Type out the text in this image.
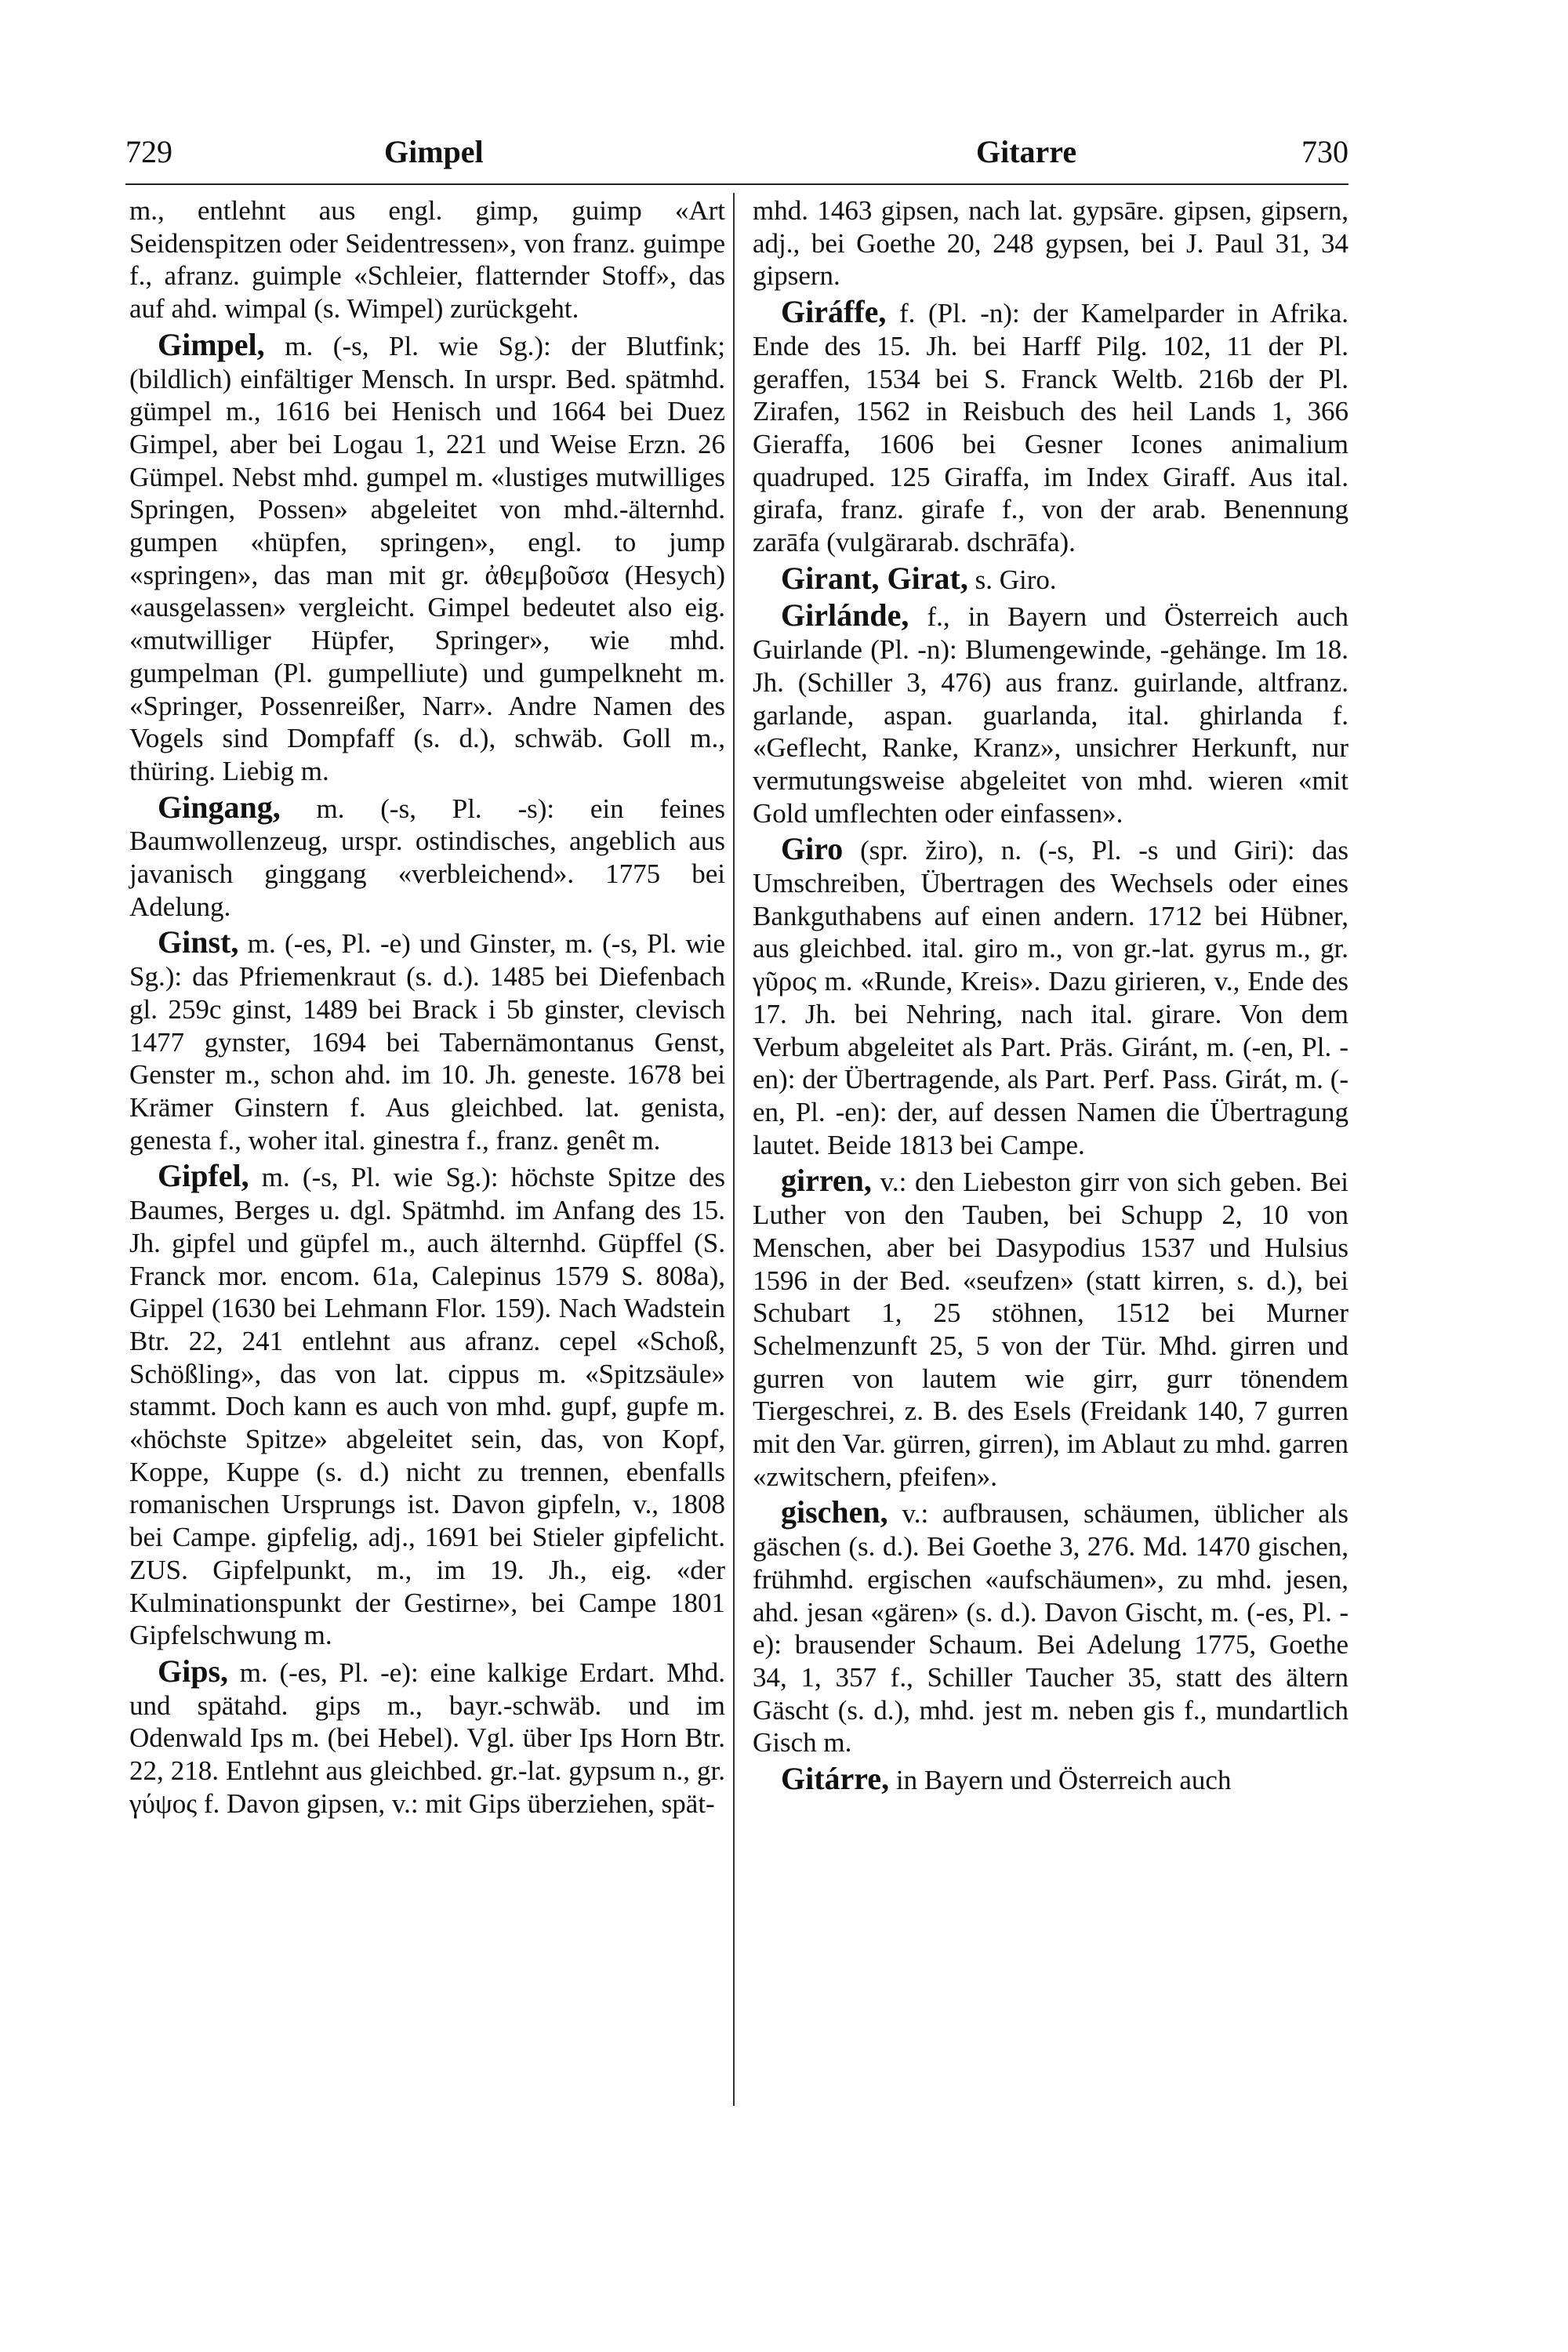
729	Gimpel	Gitarre	730

m., entlehnt aus engl. gimp, guimp «Art Seidenspitzen oder Seidentressen», von franz. guimpe f., afranz. guimple «Schleier, flatternder Stoff», das auf ahd. wimpal (s. Wimpel) zurückgeht.

Gimpel, m. (-s, Pl. wie Sg.): der Blutfink; (bildlich) einfältiger Mensch. In urspr. Bed. spätmhd. gümpel m., 1616 bei Henisch und 1664 bei Duez Gimpel, aber bei Logau 1, 221 und Weise Erzn. 26 Gümpel. Nebst mhd. gumpel m. «lustiges mutwilliges Springen, Possen» abgeleitet von mhd.-älternhd. gumpen «hüpfen, springen», engl. to jump «springen», das man mit gr. ἀθεμβοῦσα (Hesych) «ausgelassen» vergleicht. Gimpel bedeutet also eig. «mutwilliger Hüpfer, Springer», wie mhd. gumpelman (Pl. gumpelliute) und gumpelkneht m. «Springer, Possenreißer, Narr». Andre Namen des Vogels sind Dompfaff (s. d.), schwäb. Goll m., thüring. Liebig m.

Gingang, m. (-s, Pl. -s): ein feines Baumwollenzeug, urspr. ostindisches, angeblich aus javanisch ginggang «verbleichend». 1775 bei Adelung.

Ginst, m. (-es, Pl. -e) und Ginster, m. (-s, Pl. wie Sg.): das Pfriemenkraut (s. d.). 1485 bei Diefenbach gl. 259c ginst, 1489 bei Brack i 5b ginster, clevisch 1477 gynster, 1694 bei Tabernämontanus Genst, Genster m., schon ahd. im 10. Jh. geneste. 1678 bei Krämer Ginstern f. Aus gleichbed. lat. genista, genesta f., woher ital. ginestra f., franz. genêt m.

Gipfel, m. (-s, Pl. wie Sg.): höchste Spitze des Baumes, Berges u. dgl. Spätmhd. im Anfang des 15. Jh. gipfel und güpfel m., auch älternhd. Güpffel (S. Franck mor. encom. 61a, Calepinus 1579 S. 808a), Gippel (1630 bei Lehmann Flor. 159). Nach Wadstein Btr. 22, 241 entlehnt aus afranz. cepel «Schoß, Schößling», das von lat. cippus m. «Spitzsäule» stammt. Doch kann es auch von mhd. gupf, gupfe m. «höchste Spitze» abgeleitet sein, das, von Kopf, Koppe, Kuppe (s. d.) nicht zu trennen, ebenfalls romanischen Ursprungs ist. Davon gipfeln, v., 1808 bei Campe. gipfelig, adj., 1691 bei Stieler gipfelicht. ZUS. Gipfelpunkt, m., im 19. Jh., eig. «der Kulminationspunkt der Gestirne», bei Campe 1801 Gipfelschwung m.

Gips, m. (-es, Pl. -e): eine kalkige Erdart. Mhd. und spätahd. gips m., bayr.-schwäb. und im Odenwald Ips m. (bei Hebel). Vgl. über Ips Horn Btr. 22, 218. Entlehnt aus gleichbed. gr.-lat. gypsum n., gr. γύψος f. Davon gipsen, v.: mit Gips überziehen, spät-

mhd. 1463 gipsen, nach lat. gypsāre. gipsen, gipsern, adj., bei Goethe 20, 248 gypsen, bei J. Paul 31, 34 gipsern.

Giráffe, f. (Pl. -n): der Kamelparder in Afrika. Ende des 15. Jh. bei Harff Pilg. 102, 11 der Pl. geraffen, 1534 bei S. Franck Weltb. 216b der Pl. Zirafen, 1562 in Reisbuch des heil Lands 1, 366 Gieraffa, 1606 bei Gesner Icones animalium quadruped. 125 Giraffa, im Index Giraff. Aus ital. girafa, franz. girafe f., von der arab. Benennung zarāfa (vulgärarab. dschrāfa).

Girant, Girat, s. Giro.

Girlánde, f., in Bayern und Österreich auch Guirlande (Pl. -n): Blumengewinde, -gehänge. Im 18. Jh. (Schiller 3, 476) aus franz. guirlande, altfranz. garlande, aspan. guarlanda, ital. ghirlanda f. «Geflecht, Ranke, Kranz», unsichrer Herkunft, nur vermutungsweise abgeleitet von mhd. wieren «mit Gold umflechten oder einfassen».

Giro (spr. žiro), n. (-s, Pl. -s und Giri): das Umschreiben, Übertragen des Wechsels oder eines Bankguthabens auf einen andern. 1712 bei Hübner, aus gleichbed. ital. giro m., von gr.-lat. gyrus m., gr. γῦρος m. «Runde, Kreis». Dazu girieren, v., Ende des 17. Jh. bei Nehring, nach ital. girare. Von dem Verbum abgeleitet als Part. Präs. Giránt, m. (-en, Pl. -en): der Übertragende, als Part. Perf. Pass. Girát, m. (-en, Pl. -en): der, auf dessen Namen die Übertragung lautet. Beide 1813 bei Campe.

girren, v.: den Liebeston girr von sich geben. Bei Luther von den Tauben, bei Schupp 2, 10 von Menschen, aber bei Dasypodius 1537 und Hulsius 1596 in der Bed. «seufzen» (statt kirren, s. d.), bei Schubart 1, 25 stöhnen, 1512 bei Murner Schelmenzunft 25, 5 von der Tür. Mhd. girren und gurren von lautem wie girr, gurr tönendem Tiergeschrei, z. B. des Esels (Freidank 140, 7 gurren mit den Var. gürren, girren), im Ablaut zu mhd. garren «zwitschern, pfeifen».

gischen, v.: aufbrausen, schäumen, üblicher als gäschen (s. d.). Bei Goethe 3, 276. Md. 1470 gischen, frühmhd. ergischen «aufschäumen», zu mhd. jesen, ahd. jesan «gären» (s. d.). Davon Gischt, m. (-es, Pl. -e): brausender Schaum. Bei Adelung 1775, Goethe 34, 1, 357 f., Schiller Taucher 35, statt des ältern Gäscht (s. d.), mhd. jest m. neben gis f., mundartlich Gisch m.

Gitárre, in Bayern und Österreich auch
